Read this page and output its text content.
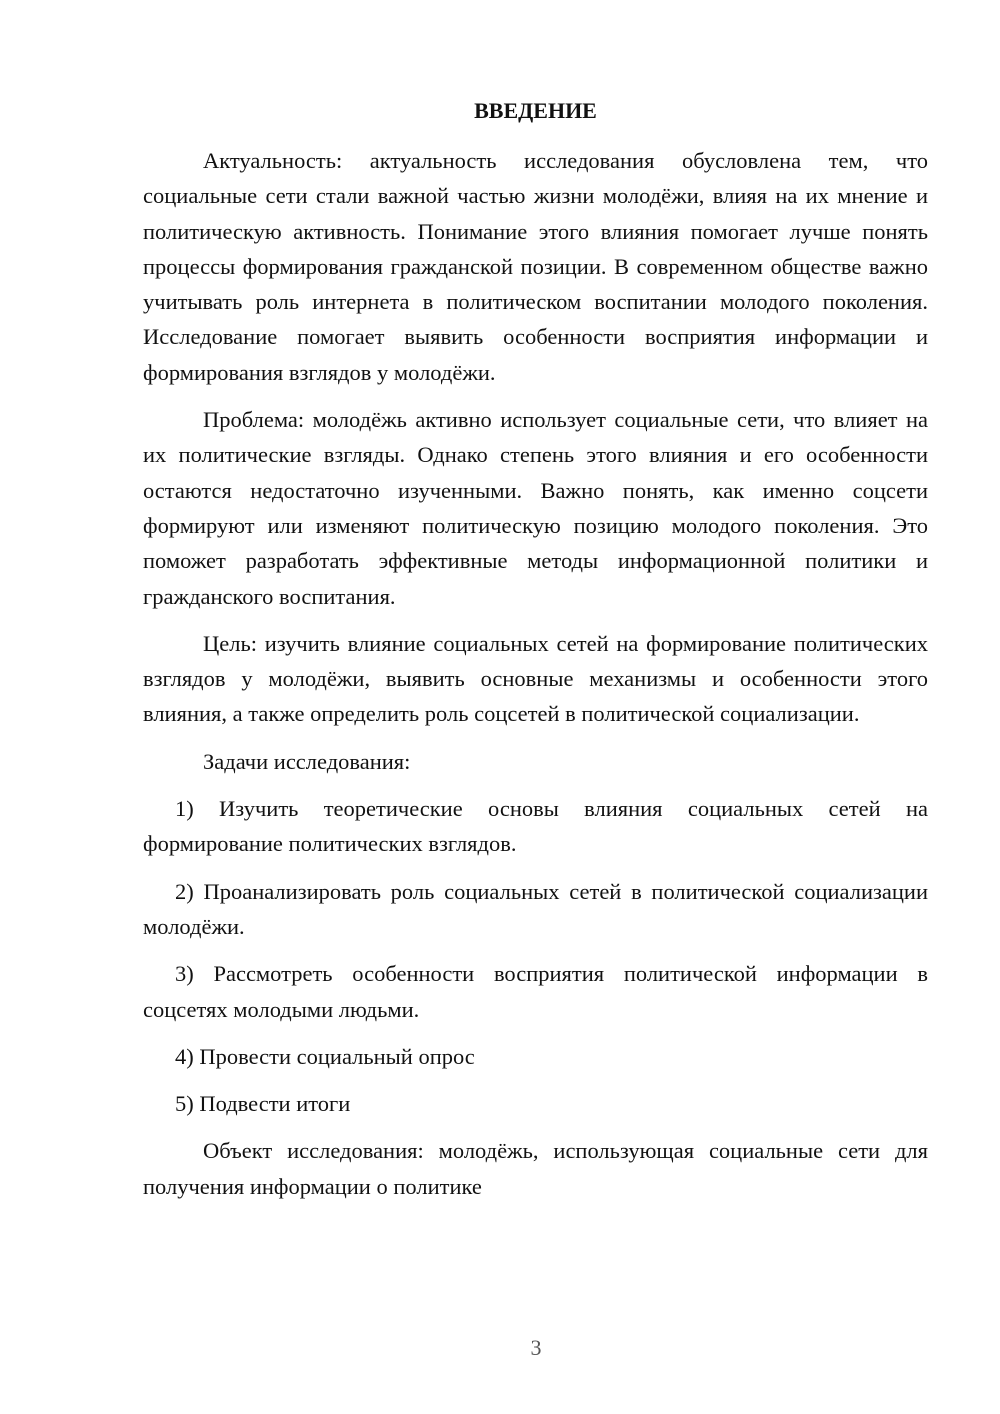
ВВЕДЕНИЕ

Актуальность: актуальность исследования обусловлена тем, что социальные сети стали важной частью жизни молодёжи, влияя на их мнение и политическую активность. Понимание этого влияния помогает лучше понять процессы формирования гражданской позиции. В современном обществе важно учитывать роль интернета в политическом воспитании молодого поколения. Исследование помогает выявить особенности восприятия информации и формирования взглядов у молодёжи.

Проблема: молодёжь активно использует социальные сети, что влияет на их политические взгляды. Однако степень этого влияния и его особенности остаются недостаточно изученными. Важно понять, как именно соцсети формируют или изменяют политическую позицию молодого поколения. Это поможет разработать эффективные методы информационной политики и гражданского воспитания.

Цель: изучить влияние социальных сетей на формирование политических взглядов у молодёжи, выявить основные механизмы и особенности этого влияния, а также определить роль соцсетей в политической социализации.

Задачи исследования:

1) Изучить теоретические основы влияния социальных сетей на формирование политических взглядов.

2) Проанализировать роль социальных сетей в политической социализации молодёжи.

3) Рассмотреть особенности восприятия политической информации в соцсетях молодыми людьми.

4) Провести социальный опрос

5) Подвести итоги

Объект исследования: молодёжь, использующая социальные сети для получения информации о политике

3
